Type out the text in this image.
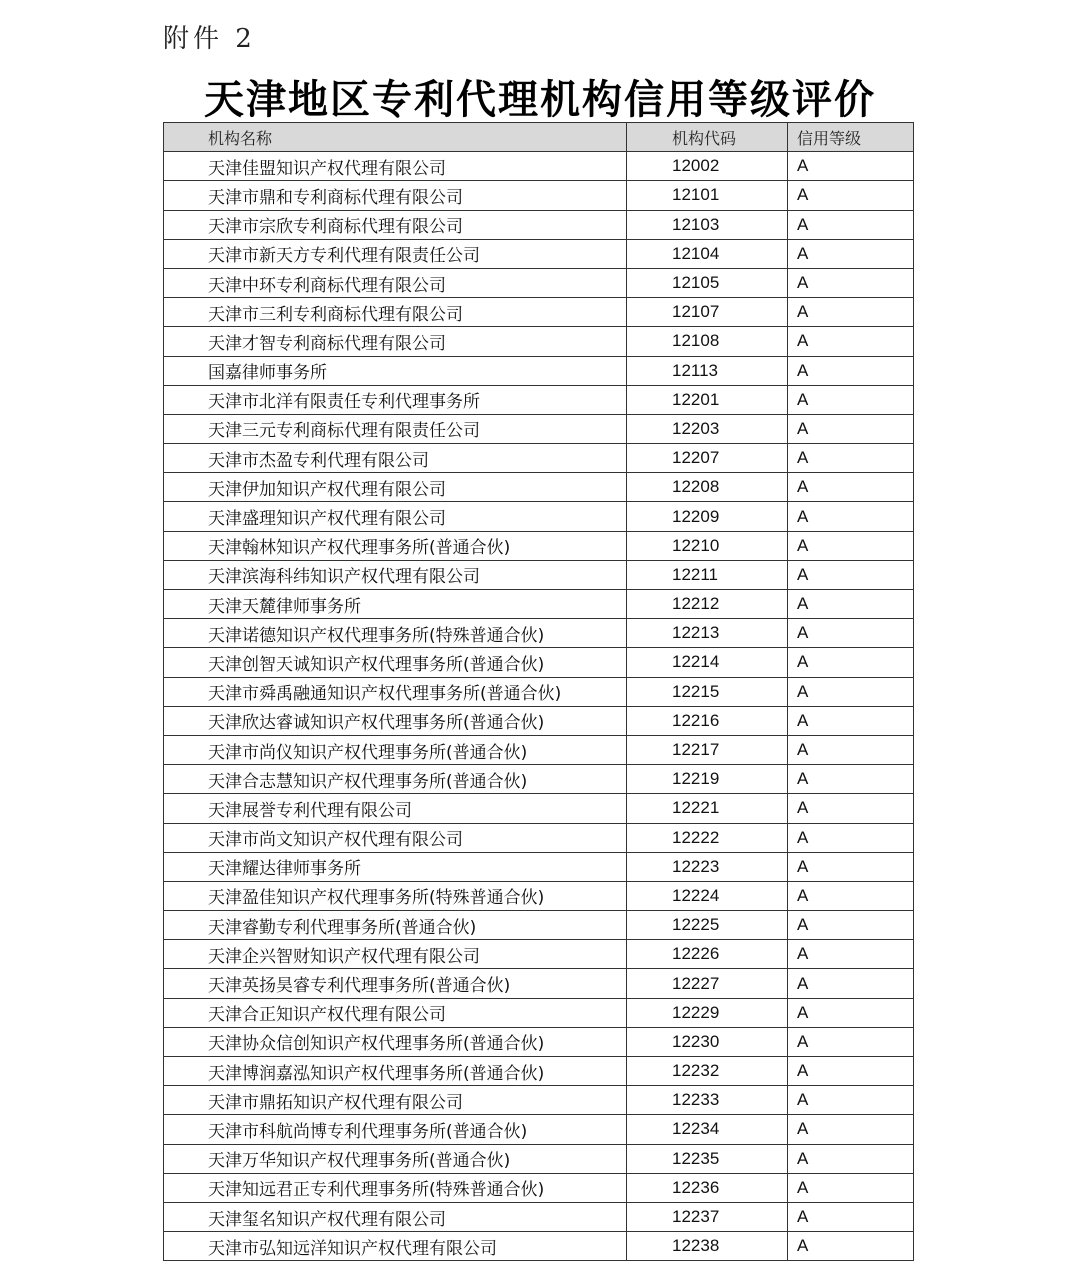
附件 2
天津地区专利代理机构信用等级评价
机构名称	机构代码	信用等级
天津佳盟知识产权代理有限公司	12002	A
天津市鼎和专利商标代理有限公司	12101	A
天津市宗欣专利商标代理有限公司	12103	A
天津市新天方专利代理有限责任公司	12104	A
天津中环专利商标代理有限公司	12105	A
天津市三利专利商标代理有限公司	12107	A
天津才智专利商标代理有限公司	12108	A
国嘉律师事务所	12113	A
天津市北洋有限责任专利代理事务所	12201	A
天津三元专利商标代理有限责任公司	12203	A
天津市杰盈专利代理有限公司	12207	A
天津伊加知识产权代理有限公司	12208	A
天津盛理知识产权代理有限公司	12209	A
天津翰林知识产权代理事务所(普通合伙)	12210	A
天津滨海科纬知识产权代理有限公司	12211	A
天津天麓律师事务所	12212	A
天津诺德知识产权代理事务所(特殊普通合伙)	12213	A
天津创智天诚知识产权代理事务所(普通合伙)	12214	A
天津市舜禹融通知识产权代理事务所(普通合伙)	12215	A
天津欣达睿诚知识产权代理事务所(普通合伙)	12216	A
天津市尚仪知识产权代理事务所(普通合伙)	12217	A
天津合志慧知识产权代理事务所(普通合伙)	12219	A
天津展誉专利代理有限公司	12221	A
天津市尚文知识产权代理有限公司	12222	A
天津耀达律师事务所	12223	A
天津盈佳知识产权代理事务所(特殊普通合伙)	12224	A
天津睿勤专利代理事务所(普通合伙)	12225	A
天津企兴智财知识产权代理有限公司	12226	A
天津英扬昊睿专利代理事务所(普通合伙)	12227	A
天津合正知识产权代理有限公司	12229	A
天津协众信创知识产权代理事务所(普通合伙)	12230	A
天津博润嘉泓知识产权代理事务所(普通合伙)	12232	A
天津市鼎拓知识产权代理有限公司	12233	A
天津市科航尚博专利代理事务所(普通合伙)	12234	A
天津万华知识产权代理事务所(普通合伙)	12235	A
天津知远君正专利代理事务所(特殊普通合伙)	12236	A
天津玺名知识产权代理有限公司	12237	A
天津市弘知远洋知识产权代理有限公司	12238	A
